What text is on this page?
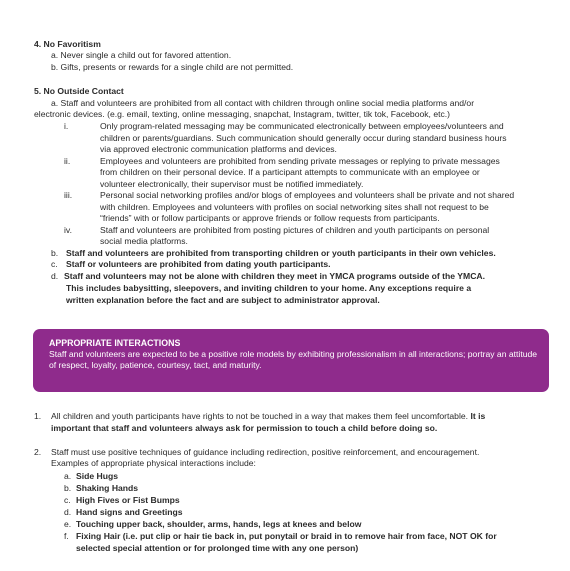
4. No Favoritism
a. Never single a child out for favored attention.
b. Gifts, presents or rewards for a single child are not permitted.
5. No Outside Contact
a. Staff and volunteers are prohibited from all contact with children through online social media platforms and/or
electronic devices. (e.g. email, texting, online messaging, snapchat, Instagram, twitter, tik tok, Facebook, etc.)
i.	Only program-related messaging may be communicated electronically between employees/volunteers and
children or parents/guardians. Such communication should generally occur during standard business hours
via approved electronic communication platforms and devices.
ii.	Employees and volunteers are prohibited from sending private messages or replying to private messages
from children on their personal device. If a participant attempts to communicate with an employee or
volunteer electronically, their supervisor must be notified immediately.
iii.	Personal social networking profiles and/or blogs of employees and volunteers shall be private and not shared
with children. Employees and volunteers with profiles on social networking sites shall not request to be
“friends” with or follow participants or approve friends or follow requests from participants.
iv.	Staff and volunteers are prohibited from posting pictures of children and youth participants on personal
social media platforms.
b. Staff and volunteers are prohibited from transporting children or youth participants in their own vehicles.
c. Staff or volunteers are prohibited from dating youth participants.
d. Staff and volunteers may not be alone with children they meet in YMCA programs outside of the YMCA.
This includes babysitting, sleepovers, and inviting children to your home. Any exceptions require a
written explanation before the fact and are subject to administrator approval.
APPROPRIATE INTERACTIONS
Staff and volunteers are expected to be a positive role models by exhibiting professionalism in all interactions; portray an attitude of respect, loyalty, patience, courtesy, tact, and maturity.
1. All children and youth participants have rights to not be touched in a way that makes them feel uncomfortable. It is
important that staff and volunteers always ask for permission to touch a child before doing so.
2. Staff must use positive techniques of guidance including redirection, positive reinforcement, and encouragement.
Examples of appropriate physical interactions include:
a. Side Hugs
b. Shaking Hands
c. High Fives or Fist Bumps
d. Hand signs and Greetings
e. Touching upper back, shoulder, arms, hands, legs at knees and below
f. Fixing Hair (i.e. put clip or hair tie back in, put ponytail or braid in to remove hair from face, NOT OK for
selected special attention or for prolonged time with any one person)
